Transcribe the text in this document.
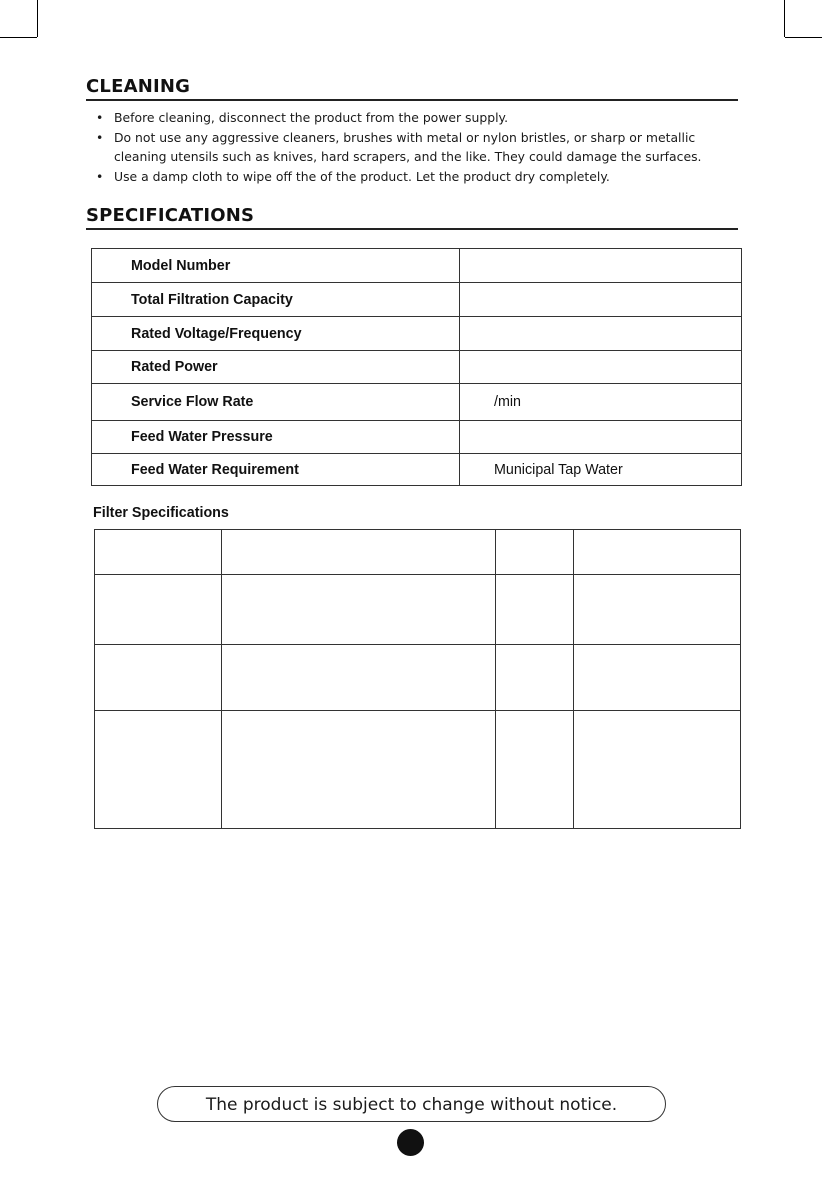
CLEANING
• Before cleaning, disconnect the product from the power supply.
• Do not use any aggressive cleaners, brushes with metal or nylon bristles, or sharp or metallic cleaning utensils such as knives, hard scrapers, and the like. They could damage the surfaces.
• Use a damp cloth to wipe off the of the product. Let the product dry completely.
SPECIFICATIONS
Model Number	
Total Filtration Capacity	
Rated Voltage/Frequency	
Rated Power	
Service Flow Rate	/min
Feed Water Pressure	
Feed Water Requirement	Municipal Tap Water

Filter Specifications

The product is subject to change without notice.
